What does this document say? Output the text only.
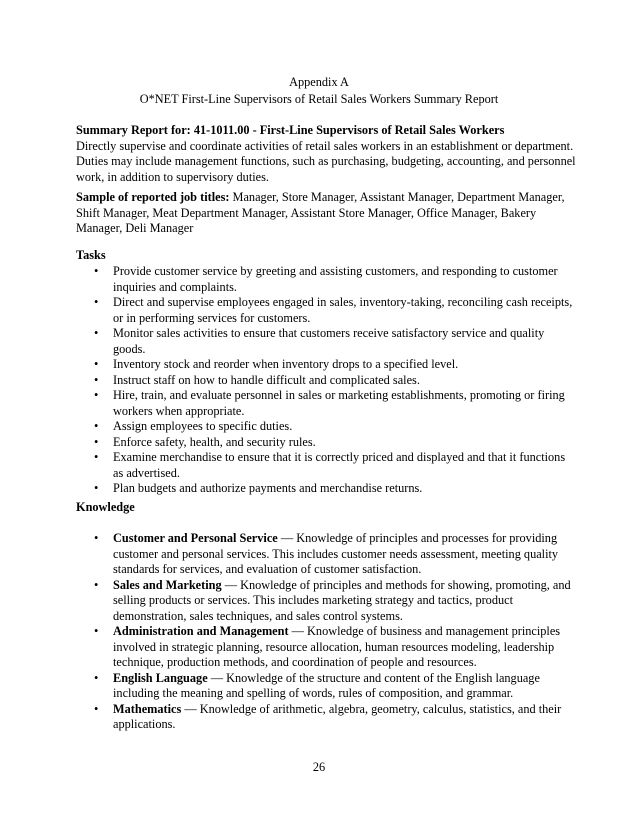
Appendix A
O*NET First-Line Supervisors of Retail Sales Workers Summary Report

Summary Report for: 41-1011.00 - First-Line Supervisors of Retail Sales Workers

Directly supervise and coordinate activities of retail sales workers in an establishment or department. Duties may include management functions, such as purchasing, budgeting, accounting, and personnel work, in addition to supervisory duties.

Sample of reported job titles: Manager, Store Manager, Assistant Manager, Department Manager, Shift Manager, Meat Department Manager, Assistant Store Manager, Office Manager, Bakery Manager, Deli Manager

Tasks
• Provide customer service by greeting and assisting customers, and responding to customer inquiries and complaints.
• Direct and supervise employees engaged in sales, inventory-taking, reconciling cash receipts, or in performing services for customers.
• Monitor sales activities to ensure that customers receive satisfactory service and quality goods.
• Inventory stock and reorder when inventory drops to a specified level.
• Instruct staff on how to handle difficult and complicated sales.
• Hire, train, and evaluate personnel in sales or marketing establishments, promoting or firing workers when appropriate.
• Assign employees to specific duties.
• Enforce safety, health, and security rules.
• Examine merchandise to ensure that it is correctly priced and displayed and that it functions as advertised.
• Plan budgets and authorize payments and merchandise returns.
Knowledge
• Customer and Personal Service — Knowledge of principles and processes for providing customer and personal services. This includes customer needs assessment, meeting quality standards for services, and evaluation of customer satisfaction.
• Sales and Marketing — Knowledge of principles and methods for showing, promoting, and selling products or services. This includes marketing strategy and tactics, product demonstration, sales techniques, and sales control systems.
• Administration and Management — Knowledge of business and management principles involved in strategic planning, resource allocation, human resources modeling, leadership technique, production methods, and coordination of people and resources.
• English Language — Knowledge of the structure and content of the English language including the meaning and spelling of words, rules of composition, and grammar.
• Mathematics — Knowledge of arithmetic, algebra, geometry, calculus, statistics, and their applications.
26
